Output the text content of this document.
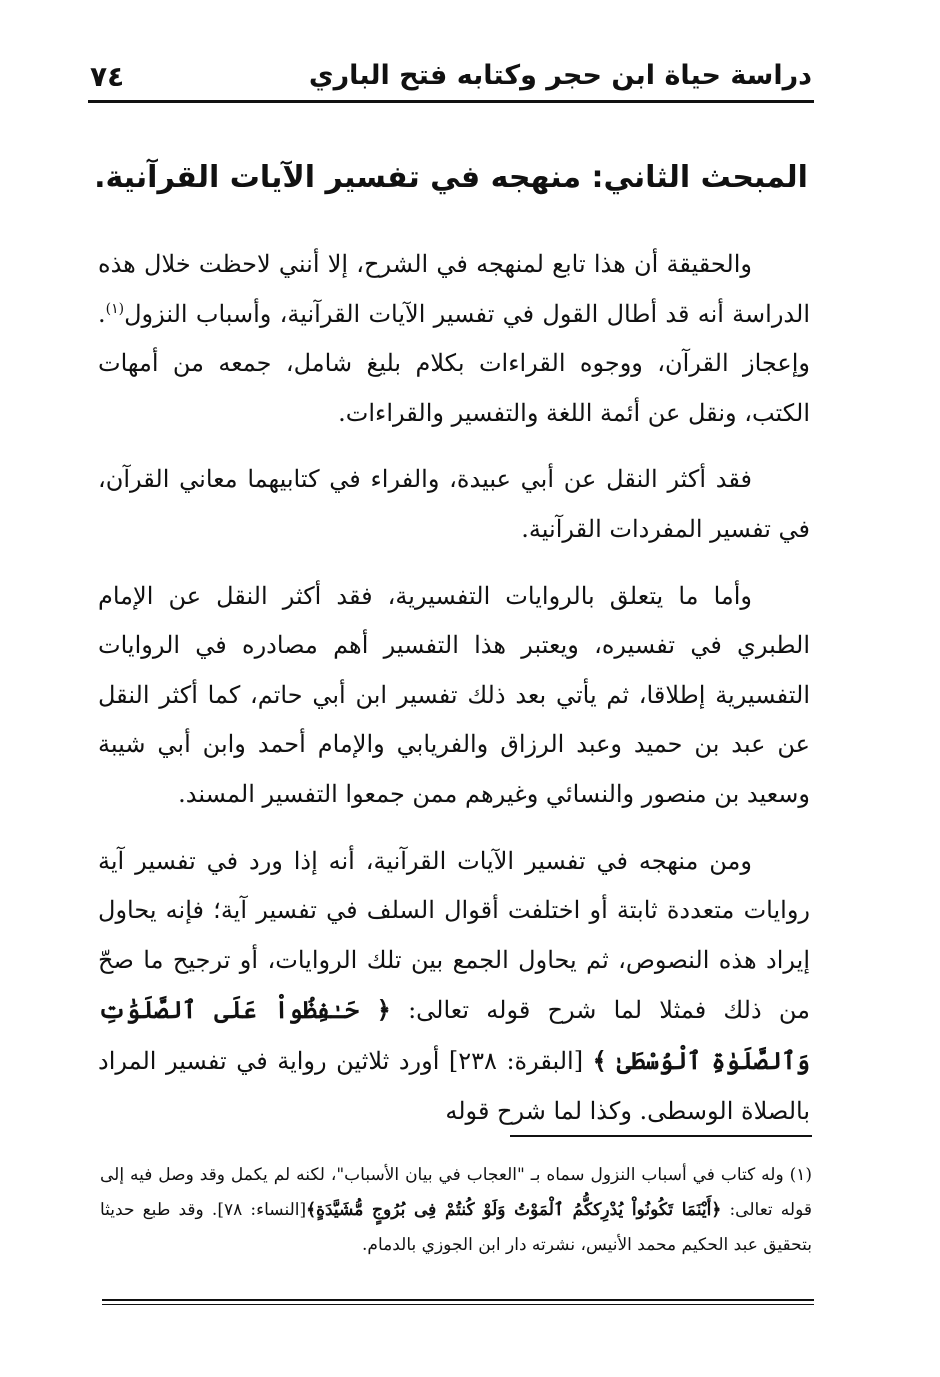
دراسة حياة ابن حجر وكتابه فتح الباري
٧٤
المبحث الثاني: منهجه في تفسير الآيات القرآنية.

والحقيقة أن هذا تابع لمنهجه في الشرح، إلا أنني لاحظت خلال هذه الدراسة أنه قد أطال القول في تفسير الآيات القرآنية، وأسباب النزول$^{(١)}$. وإعجاز القرآن، ووجوه القراءات بكلام بليغ شامل، جمعه من أمهات الكتب، ونقل عن أئمة اللغة والتفسير والقراءات.

فقد أكثر النقل عن أبي عبيدة، والفراء في كتابيهما معاني القرآن، في تفسير المفردات القرآنية.

وأما ما يتعلق بالروايات التفسيرية، فقد أكثر النقل عن الإمام الطبري في تفسيره، ويعتبر هذا التفسير أهم مصادره في الروايات التفسيرية إطلاقا، ثم يأتي بعد ذلك تفسير ابن أبي حاتم، كما أكثر النقل عن عبد بن حميد وعبد الرزاق والفريابي والإمام أحمد وابن أبي شيبة وسعيد بن منصور والنسائي وغيرهم ممن جمعوا التفسير المسند.

ومن منهجه في تفسير الآيات القرآنية، أنه إذا ورد في تفسير آية روايات متعددة ثابتة أو اختلفت أقوال السلف في تفسير آية؛ فإنه يحاول إيراد هذه النصوص، ثم يحاول الجمع بين تلك الروايات، أو ترجيح ما صحّ من ذلك فمثلا لما شرح قوله تعالى: ﴿ حَـٰفِظُواْ عَلَى ٱلصَّلَوَٰتِ وَٱلصَّلَوٰةِ ٱلْوُسْطَىٰ ﴾ [البقرة: ٢٣٨] أورد ثلاثين رواية في تفسير المراد بالصلاة الوسطى. وكذا لما شرح قوله

(١) وله كتاب في أسباب النزول سماه بـ "العجاب في بيان الأسباب"، لكنه لم يكمل وقد وصل فيه إلى قوله تعالى: ﴿أَيْنَمَا تَكُونُواْ يُدْرِككُّمُ ٱلْمَوْتُ وَلَوْ كُنتُمْ فِى بُرُوجٍ مُّشَيَّدَةٍ﴾[النساء: ٧٨]. وقد طبع حديثا بتحقيق عبد الحكيم محمد الأنيس، نشرته دار ابن الجوزي بالدمام.
